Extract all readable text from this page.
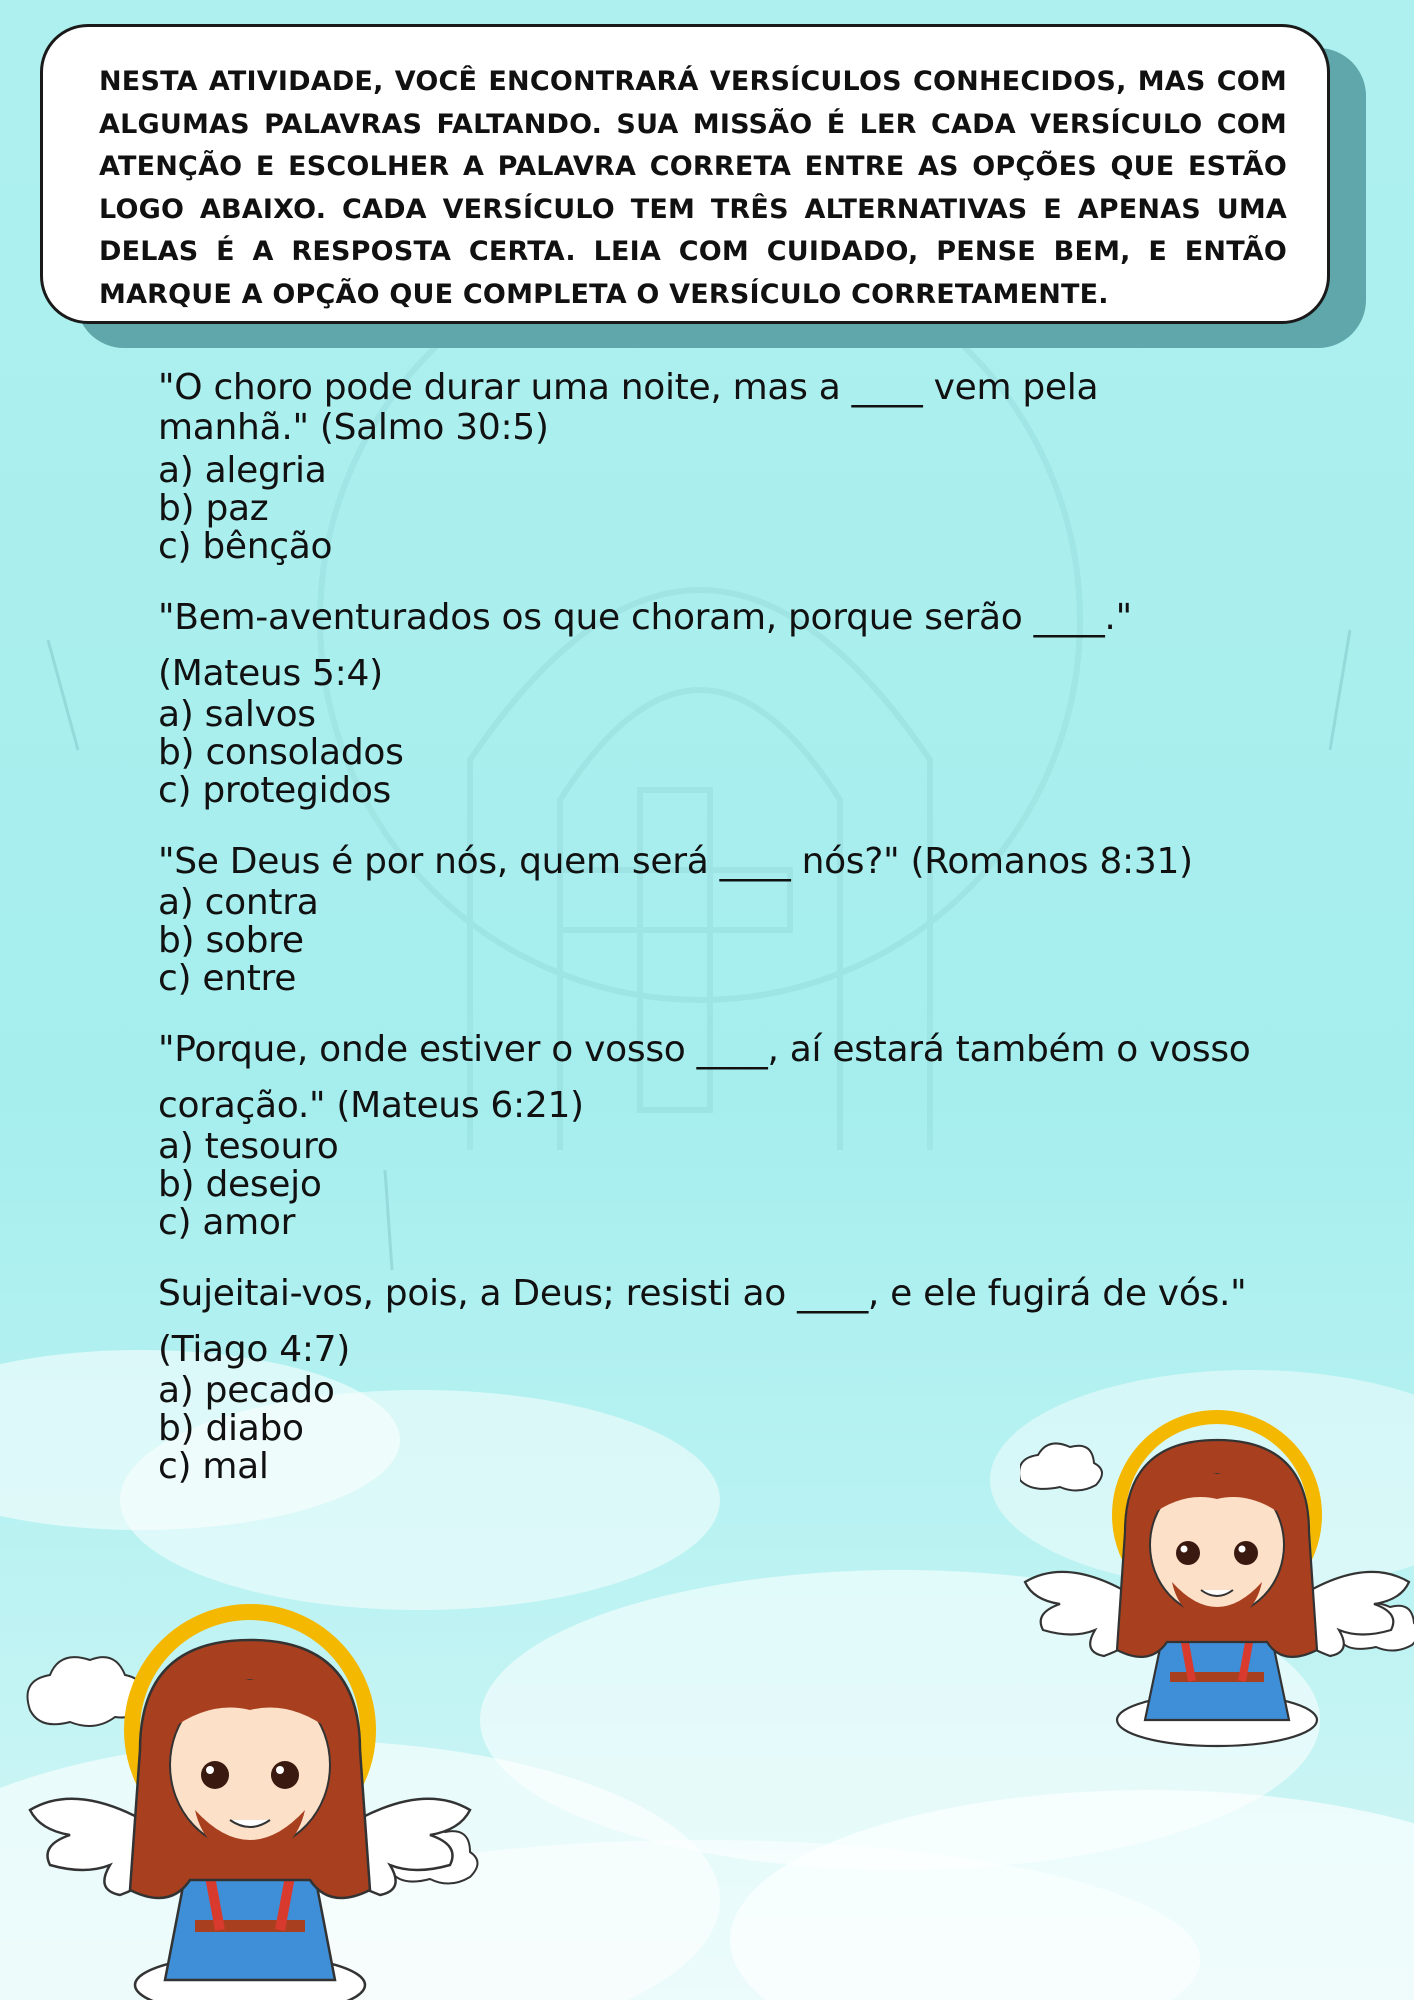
NESTA ATIVIDADE, VOCÊ ENCONTRARÁ VERSÍCULOS CONHECIDOS, MAS COM ALGUMAS PALAVRAS FALTANDO. SUA MISSÃO É LER CADA VERSÍCULO COM ATENÇÃO E ESCOLHER A PALAVRA CORRETA ENTRE AS OPÇÕES QUE ESTÃO LOGO ABAIXO. CADA VERSÍCULO TEM TRÊS ALTERNATIVAS E APENAS UMA DELAS É A RESPOSTA CERTA. LEIA COM CUIDADO, PENSE BEM, E ENTÃO MARQUE A OPÇÃO QUE COMPLETA O VERSÍCULO CORRETAMENTE.

"O choro pode durar uma noite, mas a ____ vem pela manhã." (Salmo 30:5)

a) alegria

b) paz

c) bênção

"Bem-aventurados os que choram, porque serão ____." (Mateus 5:4)

a) salvos

b) consolados

c) protegidos

"Se Deus é por nós, quem será ____ nós?" (Romanos 8:31)

a) contra

b) sobre

c) entre

"Porque, onde estiver o vosso ____, aí estará também o vosso coração." (Mateus 6:21)

a) tesouro

b) desejo

c) amor

Sujeitai-vos, pois, a Deus; resisti ao ____, e ele fugirá de vós." (Tiago 4:7)

a) pecado

b) diabo

c) mal
